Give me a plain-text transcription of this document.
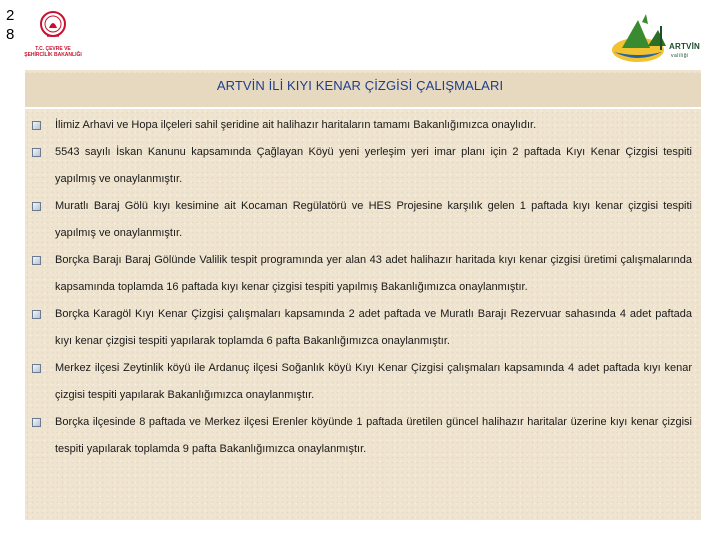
28
T.C. ÇEVRE VE
ŞEHİRCİLİK BAKANLIĞI
ARTVİN
valiliği
ARTVİN İLİ KIYI KENAR ÇİZGİSİ ÇALIŞMALARI
İlimiz Arhavi ve Hopa ilçeleri sahil şeridine ait halihazır haritaların tamamı Bakanlığımızca onaylıdır.
5543 sayılı İskan Kanunu kapsamında Çağlayan Köyü yeni yerleşim yeri imar planı için 2 paftada Kıyı Kenar Çizgisi tespiti yapılmış ve onaylanmıştır.
Muratlı Baraj Gölü kıyı kesimine ait Kocaman Regülatörü ve HES Projesine karşılık gelen 1 paftada kıyı kenar çizgisi tespiti yapılmış ve onaylanmıştır.
Borçka Barajı Baraj Gölünde Valilik tespit programında yer alan 43 adet halihazır haritada kıyı kenar çizgisi üretimi çalışmalarında kapsamında toplamda 16 paftada kıyı kenar çizgisi tespiti yapılmış Bakanlığımızca onaylanmıştır.
Borçka Karagöl Kıyı Kenar Çizgisi çalışmaları kapsamında 2 adet paftada ve Muratlı Barajı Rezervuar sahasında 4 adet paftada kıyı kenar çizgisi tespiti yapılarak toplamda 6 pafta Bakanlığımızca onaylanmıştır.
Merkez ilçesi Zeytinlik köyü ile Ardanuç ilçesi Soğanlık köyü Kıyı Kenar Çizgisi çalışmaları kapsamında 4 adet paftada kıyı kenar çizgisi tespiti yapılarak Bakanlığımızca onaylanmıştır.
Borçka ilçesinde 8 paftada ve Merkez ilçesi Erenler köyünde 1 paftada üretilen güncel halihazır haritalar üzerine kıyı kenar çizgisi tespiti yapılarak toplamda 9 pafta Bakanlığımızca onaylanmıştır.
